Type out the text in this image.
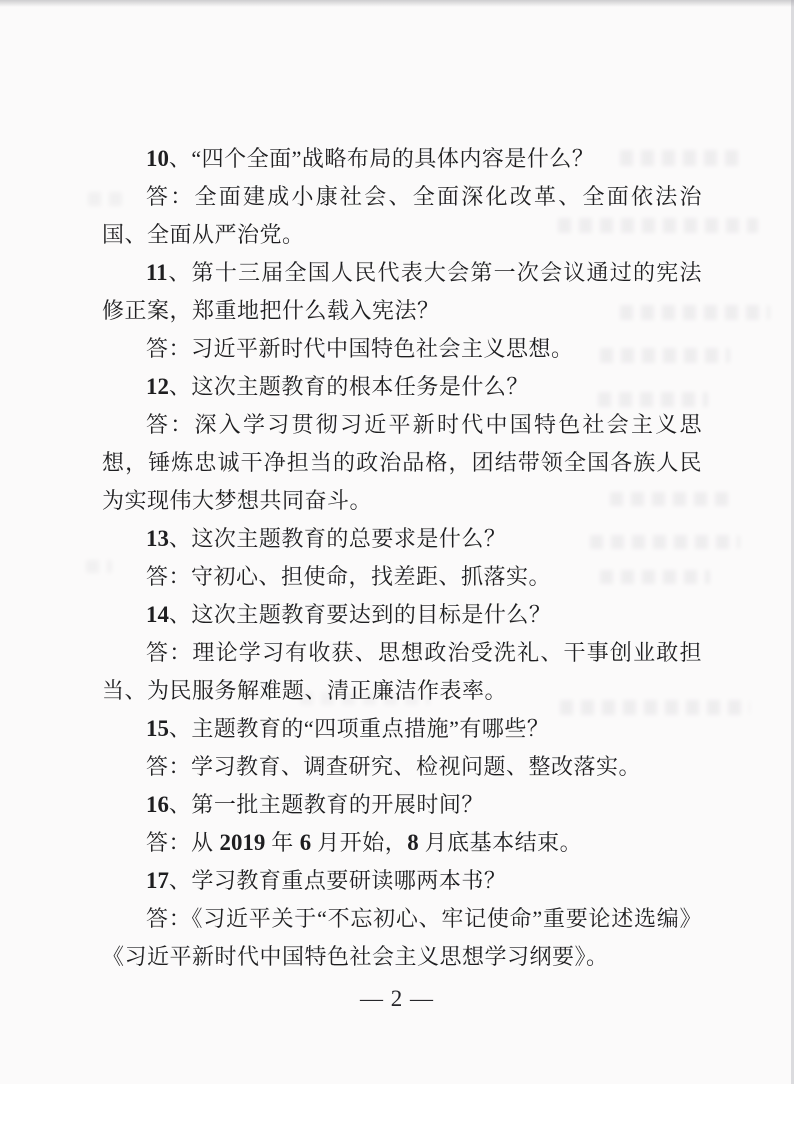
10、“四个全面”战略布局的具体内容是什么？

答：全面建成小康社会、全面深化改革、全面依法治国、全面从严治党。

11、第十三届全国人民代表大会第一次会议通过的宪法修正案，郑重地把什么载入宪法？

答：习近平新时代中国特色社会主义思想。

12、这次主题教育的根本任务是什么？

答：深入学习贯彻习近平新时代中国特色社会主义思想，锤炼忠诚干净担当的政治品格，团结带领全国各族人民为实现伟大梦想共同奋斗。

13、这次主题教育的总要求是什么？

答：守初心、担使命，找差距、抓落实。

14、这次主题教育要达到的目标是什么？

答：理论学习有收获、思想政治受洗礼、干事创业敢担当、为民服务解难题、清正廉洁作表率。

15、主题教育的“四项重点措施”有哪些？

答：学习教育、调查研究、检视问题、整改落实。

16、第一批主题教育的开展时间？

答：从 2019 年 6 月开始，8 月底基本结束。

17、学习教育重点要研读哪两本书？

答：《习近平关于“不忘初心、牢记使命”重要论述选编》《习近平新时代中国特色社会主义思想学习纲要》。

— 2 —
